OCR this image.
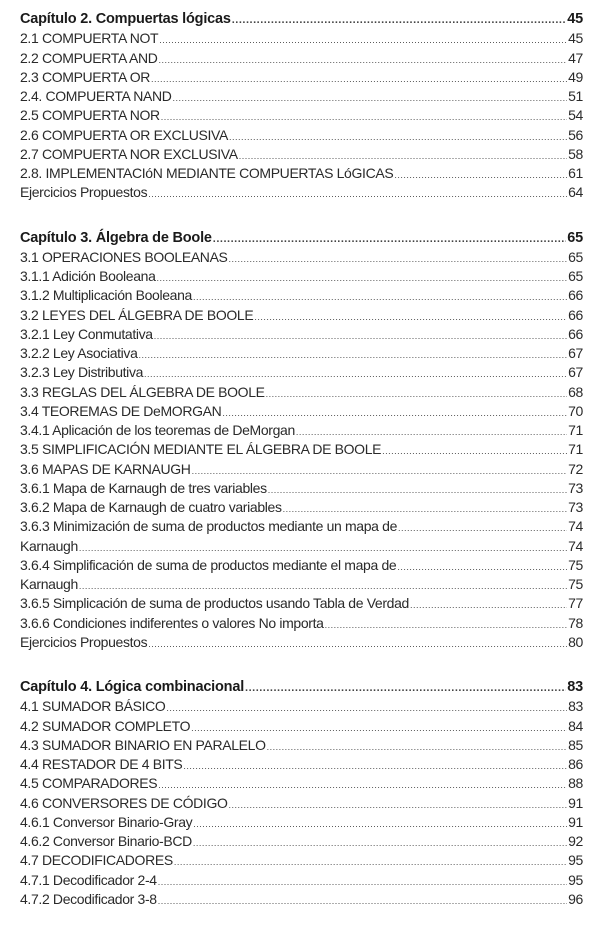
Capítulo 2. Compuertas lógicas .....	45
2.1 COMPUERTA NOT .....	45
2.2 COMPUERTA AND .....	47
2.3 COMPUERTA OR .....	49
2.4. COMPUERTA NAND .....	51
2.5 COMPUERTA NOR .....	54
2.6 COMPUERTA OR EXCLUSIVA .....	56
2.7 COMPUERTA NOR EXCLUSIVA .....	58
2.8. IMPLEMENTACIóN MEDIANTE COMPUERTAS LóGICAS .....	61
Ejercicios Propuestos .....	64
Capítulo 3. Álgebra de Boole .....	65
3.1 OPERACIONES BOOLEANAS .....	65
3.1.1 Adición Booleana .....	65
3.1.2 Multiplicación Booleana .....	66
3.2 LEYES DEL ÁLGEBRA DE BOOLE .....	66
3.2.1 Ley Conmutativa .....	66
3.2.2 Ley Asociativa .....	67
3.2.3 Ley Distributiva .....	67
3.3 REGLAS DEL ÁLGEBRA DE BOOLE .....	68
3.4 TEOREMAS DE DeMORGAN .....	70
3.4.1 Aplicación de los teoremas de DeMorgan .....	71
3.5 SIMPLIFICACIÓN MEDIANTE EL ÁLGEBRA DE BOOLE .....	71
3.6 MAPAS DE KARNAUGH .....	72
3.6.1 Mapa de Karnaugh de tres variables .....	73
3.6.2 Mapa de Karnaugh de cuatro variables .....	73
3.6.3 Minimización de suma de productos mediante un mapa de .....	74
Karnaugh .....	74
3.6.4 Simplificación de suma de productos mediante el mapa de .....	75
Karnaugh .....	75
3.6.5 Simplicación de suma de productos usando Tabla de Verdad .....	77
3.6.6 Condiciones indiferentes o valores No importa .....	78
Ejercicios Propuestos .....	80
Capítulo 4. Lógica combinacional .....	83
4.1 SUMADOR BÁSICO .....	83
4.2 SUMADOR COMPLETO .....	84
4.3 SUMADOR BINARIO EN PARALELO .....	85
4.4 RESTADOR DE 4 BITS .....	86
4.5 COMPARADORES .....	88
4.6 CONVERSORES DE CÓDIGO .....	91
4.6.1 Conversor Binario-Gray .....	91
4.6.2 Conversor Binario-BCD .....	92
4.7 DECODIFICADORES .....	95
4.7.1 Decodificador 2-4 .....	95
4.7.2 Decodificador 3-8 .....	96
